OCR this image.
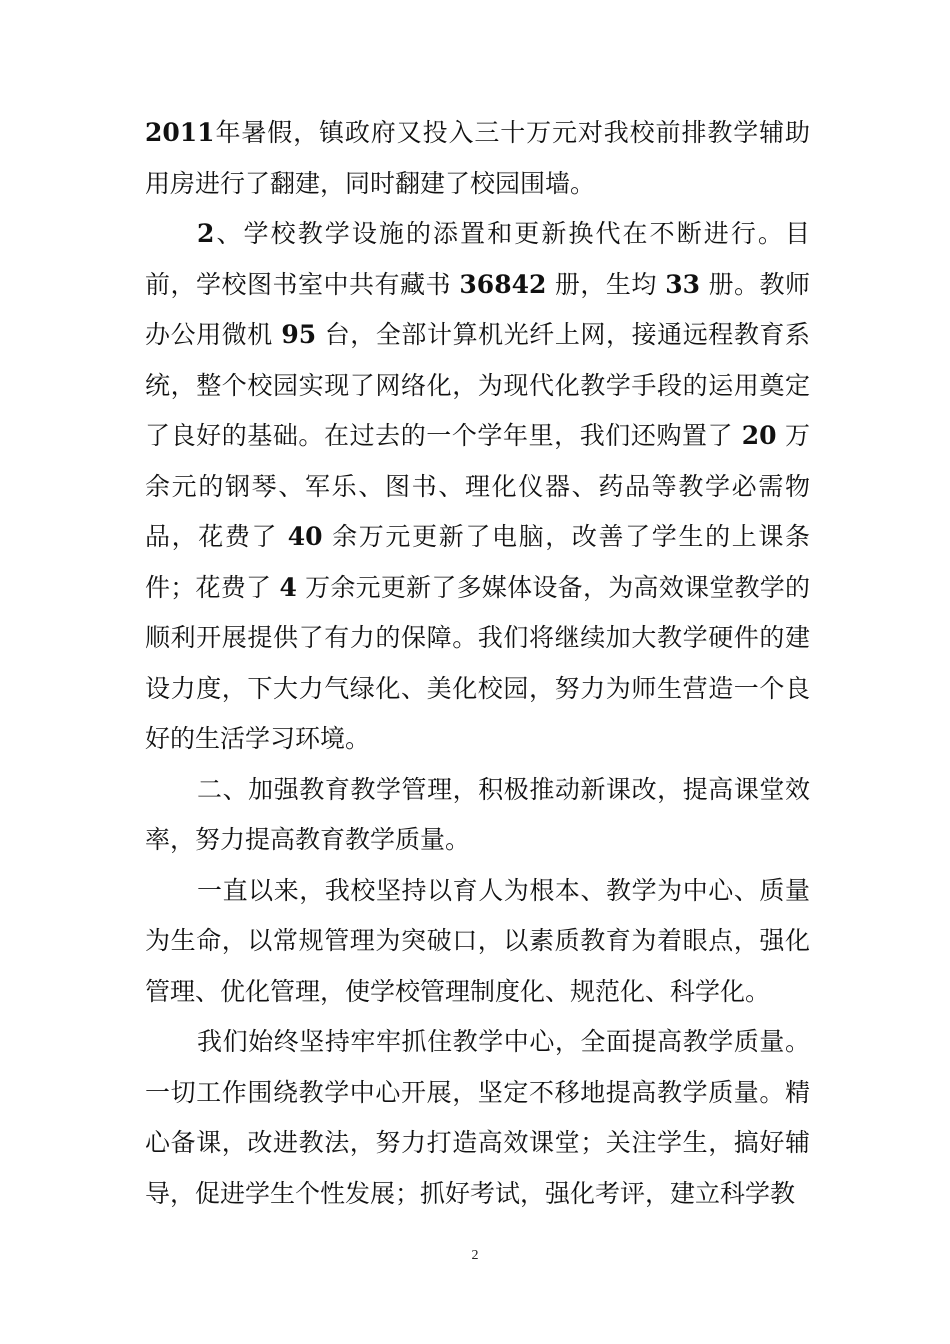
2011年暑假，镇政府又投入三十万元对我校前排教学辅助用房进行了翻建，同时翻建了校园围墙。

2、学校教学设施的添置和更新换代在不断进行。目前，学校图书室中共有藏书 36842 册，生均 33 册。教师办公用微机 95 台，全部计算机光纤上网，接通远程教育系统，整个校园实现了网络化，为现代化教学手段的运用奠定了良好的基础。在过去的一个学年里，我们还购置了 20 万余元的钢琴、军乐、图书、理化仪器、药品等教学必需物品，花费了 40 余万元更新了电脑，改善了学生的上课条件；花费了 4 万余元更新了多媒体设备，为高效课堂教学的顺利开展提供了有力的保障。我们将继续加大教学硬件的建设力度，下大力气绿化、美化校园，努力为师生营造一个良好的生活学习环境。

二、加强教育教学管理，积极推动新课改，提高课堂效率，努力提高教育教学质量。

一直以来，我校坚持以育人为根本、教学为中心、质量为生命，以常规管理为突破口，以素质教育为着眼点，强化管理、优化管理，使学校管理制度化、规范化、科学化。

我们始终坚持牢牢抓住教学中心，全面提高教学质量。一切工作围绕教学中心开展，坚定不移地提高教学质量。精心备课，改进教法，努力打造高效课堂；关注学生，搞好辅导，促进学生个性发展；抓好考试，强化考评，建立科学教

2
